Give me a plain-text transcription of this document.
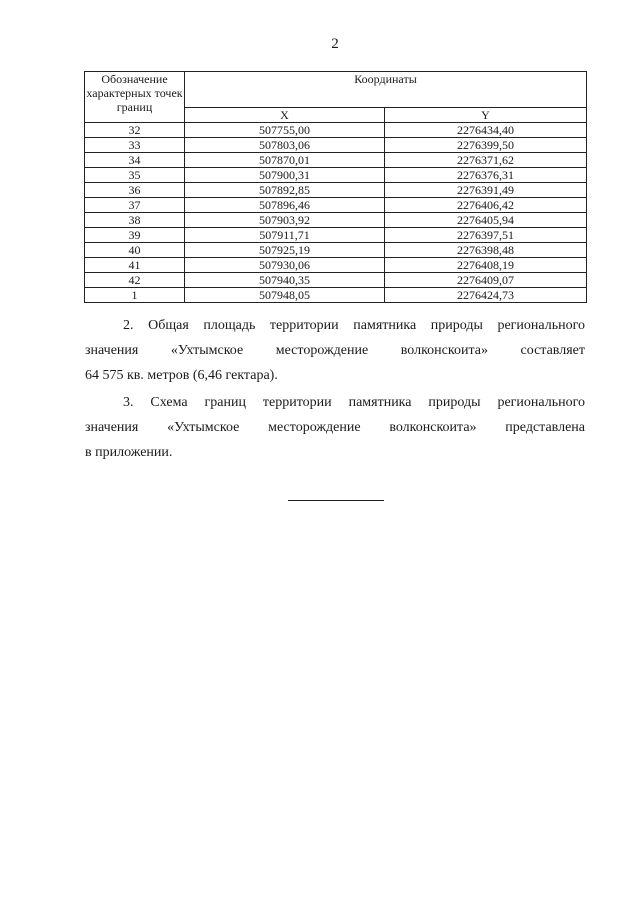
2
Обозначение характерных точек границ	Координаты	
	X	Y
32	507755,00	2276434,40
33	507803,06	2276399,50
34	507870,01	2276371,62
35	507900,31	2276376,31
36	507892,85	2276391,49
37	507896,46	2276406,42
38	507903,92	2276405,94
39	507911,71	2276397,51
40	507925,19	2276398,48
41	507930,06	2276408,19
42	507940,35	2276409,07
1	507948,05	2276424,73
2. Общая площадь территории памятника природы регионального
значения «Ухтымское месторождение волконскоита» составляет
64 575 кв. метров (6,46 гектара).
3. Схема границ территории памятника природы регионального
значения «Ухтымское месторождение волконскоита» представлена
в приложении.
